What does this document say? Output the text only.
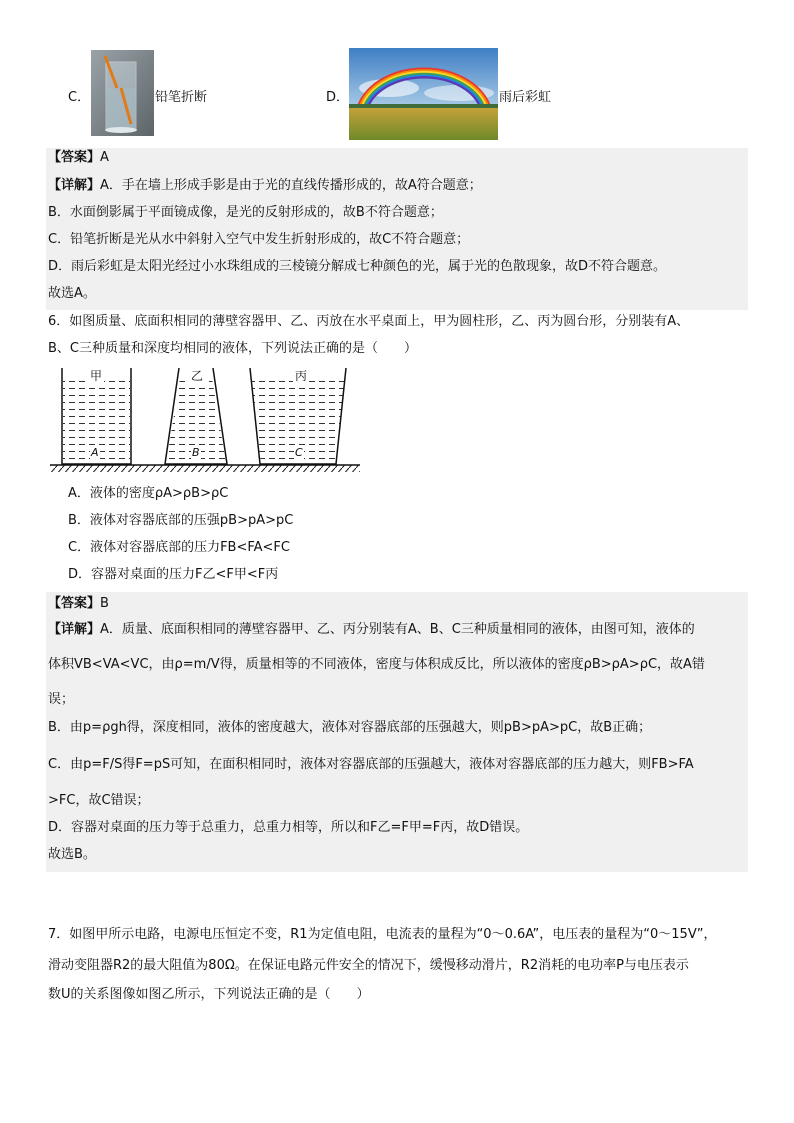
C．	铅笔折断	D．	雨后彩虹
【答案】A
【详解】A．手在墙上形成手影是由于光的直线传播形成的，故A符合题意；
B．水面倒影属于平面镜成像，是光的反射形成的，故B不符合题意；
C．铅笔折断是光从水中斜射入空气中发生折射形成的，故C不符合题意；
D．雨后彩虹是太阳光经过小水珠组成的三棱镜分解成七种颜色的光，属于光的色散现象，故D不符合题意。
故选A。
6．如图质量、底面积相同的薄壁容器甲、乙、丙放在水平桌面上，甲为圆柱形，乙、丙为圆台形，分别装有A、
B、C三种质量和深度均相同的液体，下列说法正确的是（　　）
甲	乙	丙
A	B	C
A．液体的密度ρA>ρB>ρC
B．液体对容器底部的压强pB>pA>pC
C．液体对容器底部的压力FB<FA<FC
D．容器对桌面的压力F乙<F甲<F丙
【答案】B
【详解】A．质量、底面积相同的薄壁容器甲、乙、丙分别装有A、B、C三种质量相同的液体，由图可知，液体的
体积VB<VA<VC，由ρ=m/V得，质量相等的不同液体，密度与体积成反比，所以液体的密度ρB>ρA>ρC，故A错
误；
B．由p=ρgh得，深度相同，液体的密度越大，液体对容器底部的压强越大，则pB>pA>pC，故B正确；
C．由p=F/S得F=pS可知，在面积相同时，液体对容器底部的压强越大，液体对容器底部的压力越大，则FB>FA
>FC，故C错误；
D．容器对桌面的压力等于总重力，总重力相等，所以和F乙=F甲=F丙，故D错误。
故选B。
7．如图甲所示电路，电源电压恒定不变，R1为定值电阻，电流表的量程为“0～0.6A”，电压表的量程为“0～15V”，
滑动变阻器R2的最大阻值为80Ω。在保证电路元件安全的情况下，缓慢移动滑片，R2消耗的电功率P与电压表示
数U的关系图像如图乙所示，下列说法正确的是（　　）
